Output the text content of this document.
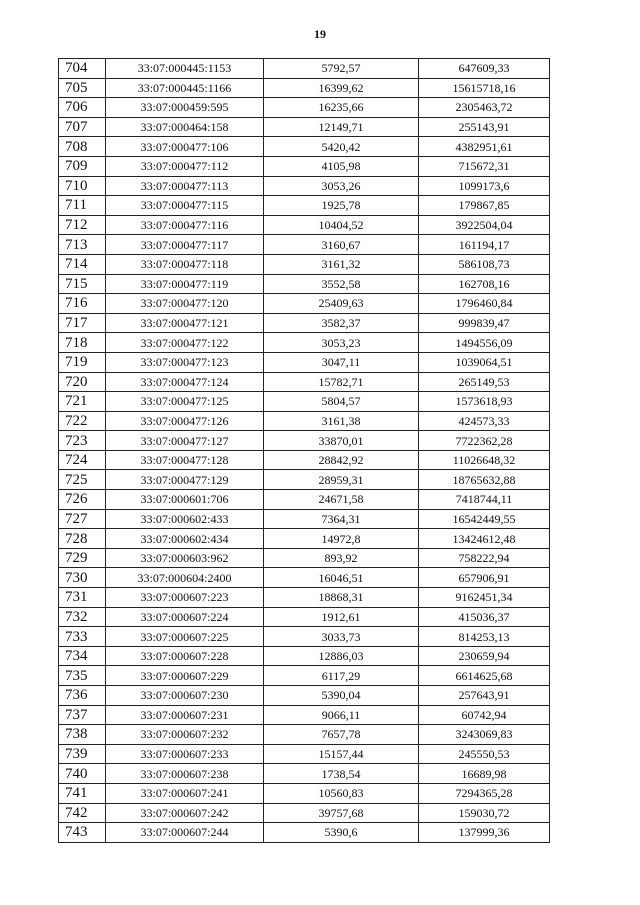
19
704	33:07:000445:1153	5792,57	647609,33
705	33:07:000445:1166	16399,62	15615718,16
706	33:07:000459:595	16235,66	2305463,72
707	33:07:000464:158	12149,71	255143,91
708	33:07:000477:106	5420,42	4382951,61
709	33:07:000477:112	4105,98	715672,31
710	33:07:000477:113	3053,26	1099173,6
711	33:07:000477:115	1925,78	179867,85
712	33:07:000477:116	10404,52	3922504,04
713	33:07:000477:117	3160,67	161194,17
714	33:07:000477:118	3161,32	586108,73
715	33:07:000477:119	3552,58	162708,16
716	33:07:000477:120	25409,63	1796460,84
717	33:07:000477:121	3582,37	999839,47
718	33:07:000477:122	3053,23	1494556,09
719	33:07:000477:123	3047,11	1039064,51
720	33:07:000477:124	15782,71	265149,53
721	33:07:000477:125	5804,57	1573618,93
722	33:07:000477:126	3161,38	424573,33
723	33:07:000477:127	33870,01	7722362,28
724	33:07:000477:128	28842,92	11026648,32
725	33:07:000477:129	28959,31	18765632,88
726	33:07:000601:706	24671,58	7418744,11
727	33:07:000602:433	7364,31	16542449,55
728	33:07:000602:434	14972,8	13424612,48
729	33:07:000603:962	893,92	758222,94
730	33:07:000604:2400	16046,51	657906,91
731	33:07:000607:223	18868,31	9162451,34
732	33:07:000607:224	1912,61	415036,37
733	33:07:000607:225	3033,73	814253,13
734	33:07:000607:228	12886,03	230659,94
735	33:07:000607:229	6117,29	6614625,68
736	33:07:000607:230	5390,04	257643,91
737	33:07:000607:231	9066,11	60742,94
738	33:07:000607:232	7657,78	3243069,83
739	33:07:000607:233	15157,44	245550,53
740	33:07:000607:238	1738,54	16689,98
741	33:07:000607:241	10560,83	7294365,28
742	33:07:000607:242	39757,68	159030,72
743	33:07:000607:244	5390,6	137999,36
